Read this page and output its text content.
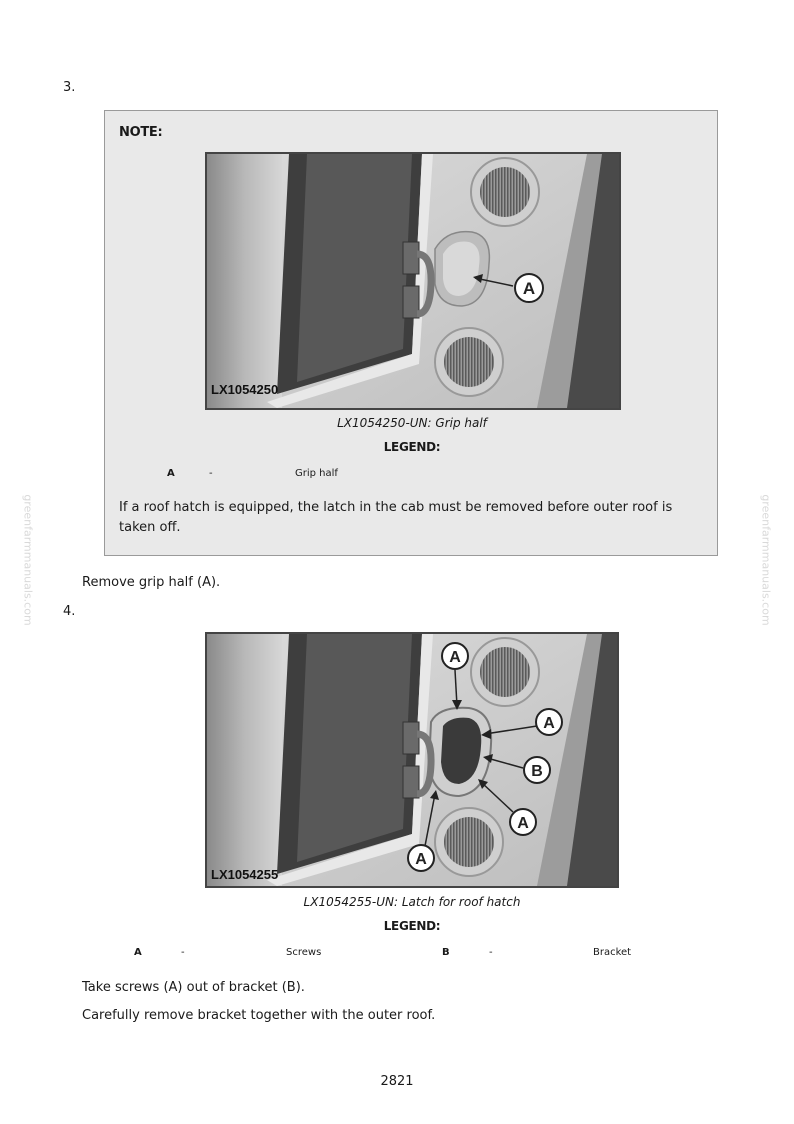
greenfarmmanuals.com	greenfarmmanuals.com
3.
NOTE:
A
LX1054250
LX1054250-UN: Grip half
LEGEND:
A	-	Grip half
If a roof hatch is equipped, the latch in the cab must be removed before outer roof is taken off.
Remove grip half (A).
4.
A
A
B
A
A
LX1054255
LX1054255-UN: Latch for roof hatch
LEGEND:
A	-	Screws	B	-	Bracket
Take screws (A) out of bracket (B).
Carefully remove bracket together with the outer roof.
2821
